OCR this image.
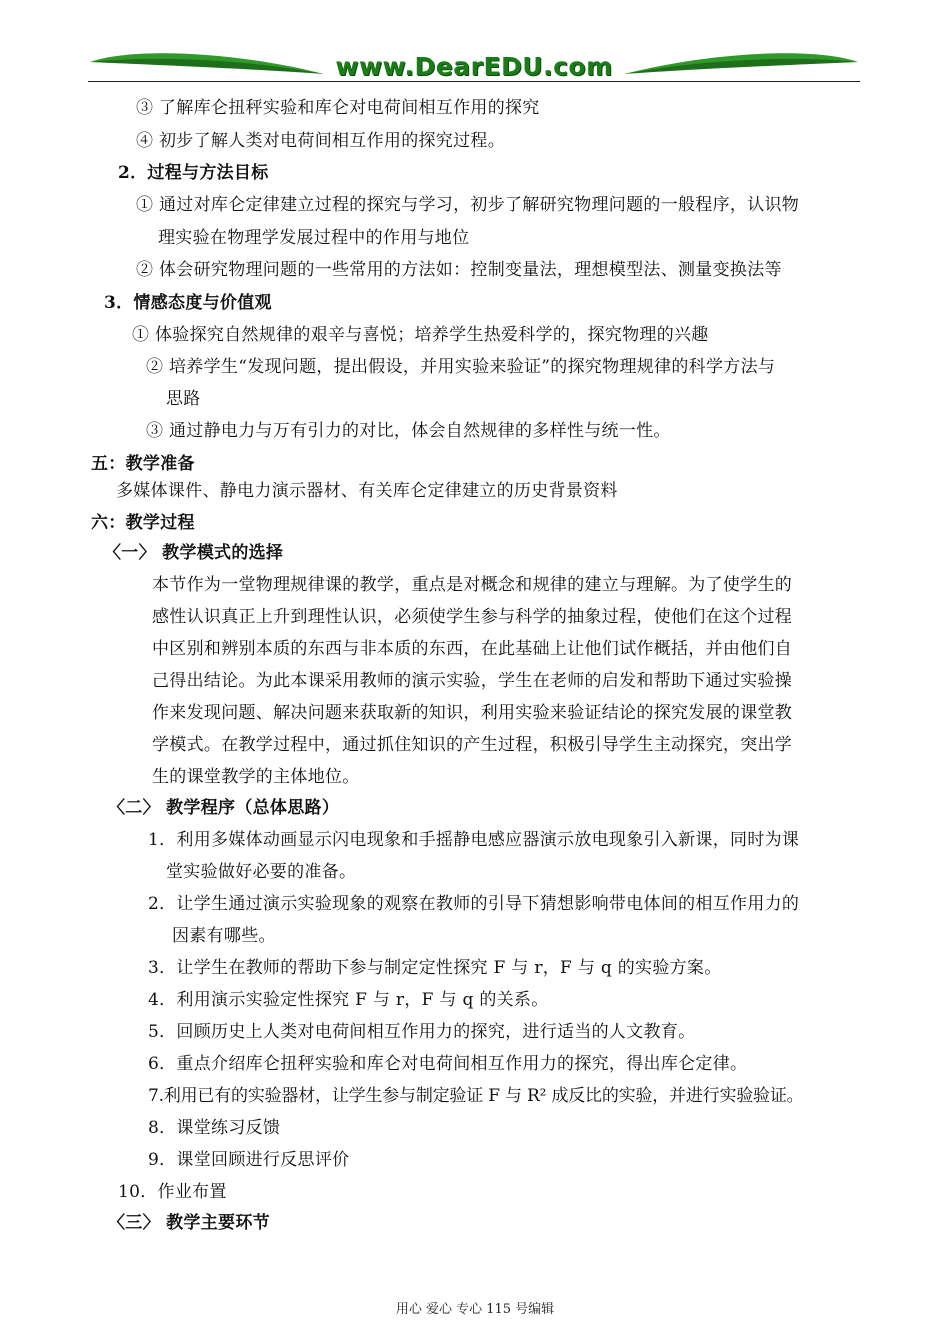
www.DearEDU.com
③ 了解库仑扭秤实验和库仑对电荷间相互作用的探究
④ 初步了解人类对电荷间相互作用的探究过程。
2．过程与方法目标
① 通过对库仑定律建立过程的探究与学习，初步了解研究物理问题的一般程序，认识物
理实验在物理学发展过程中的作用与地位
② 体会研究物理问题的一些常用的方法如：控制变量法，理想模型法、测量变换法等
3．情感态度与价值观
① 体验探究自然规律的艰辛与喜悦；培养学生热爱科学的，探究物理的兴趣
② 培养学生“发现问题，提出假设，并用实验来验证”的探究物理规律的科学方法与
思路
③ 通过静电力与万有引力的对比，体会自然规律的多样性与统一性。
五：教学准备
多媒体课件、静电力演示器材、有关库仑定律建立的历史背景资料
六：教学过程
〈一〉 教学模式的选择
本节作为一堂物理规律课的教学，重点是对概念和规律的建立与理解。为了使学生的
感性认识真正上升到理性认识，必须使学生参与科学的抽象过程，使他们在这个过程
中区别和辨别本质的东西与非本质的东西，在此基础上让他们试作概括，并由他们自
己得出结论。为此本课采用教师的演示实验，学生在老师的启发和帮助下通过实验操
作来发现问题、解决问题来获取新的知识，利用实验来验证结论的探究发展的课堂教
学模式。在教学过程中，通过抓住知识的产生过程，积极引导学生主动探究，突出学
生的课堂教学的主体地位。
〈二〉 教学程序（总体思路）
1．利用多媒体动画显示闪电现象和手摇静电感应器演示放电现象引入新课，同时为课
堂实验做好必要的准备。
2．让学生通过演示实验现象的观察在教师的引导下猜想影响带电体间的相互作用力的
因素有哪些。
3．让学生在教师的帮助下参与制定定性探究 F 与 r，F 与 q 的实验方案。
4．利用演示实验定性探究 F 与 r，F 与 q 的关系。
5．回顾历史上人类对电荷间相互作用力的探究，进行适当的人文教育。
6．重点介绍库仑扭秤实验和库仑对电荷间相互作用力的探究，得出库仑定律。
7.利用已有的实验器材，让学生参与制定验证 F 与 R² 成反比的实验，并进行实验验证。
8．课堂练习反馈
9．课堂回顾进行反思评价
10．作业布置
〈三〉 教学主要环节
用心 爱心 专心 115 号编辑
